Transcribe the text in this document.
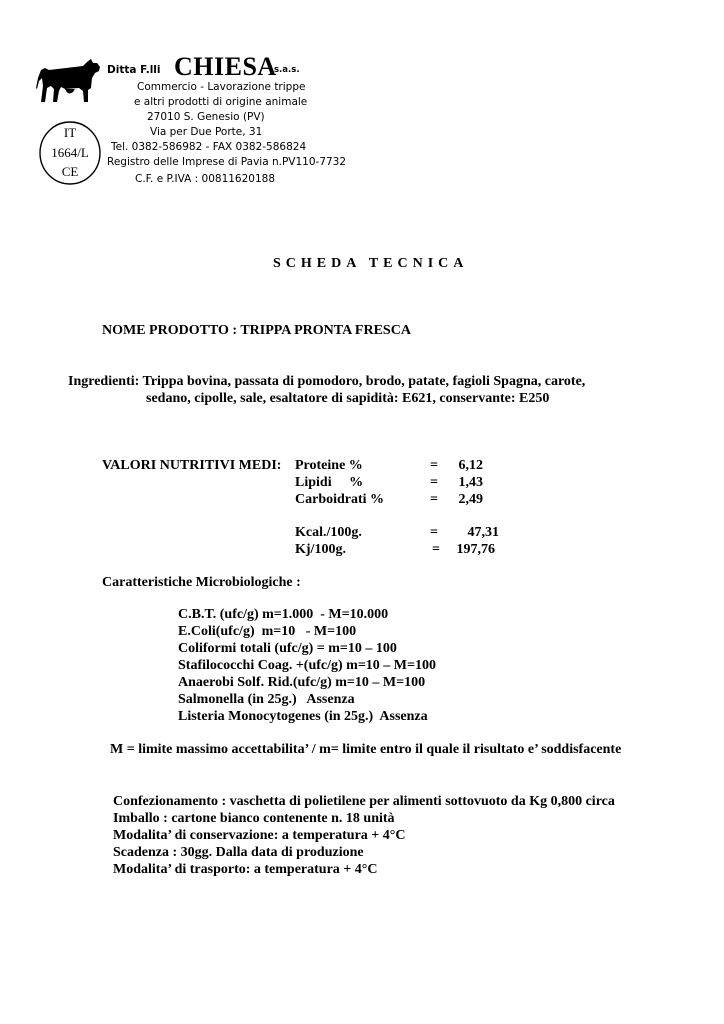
Ditta F.lli CHIESA
s.a.s.
Commercio - Lavorazione trippe
e altri prodotti di origine animale
27010 S. Genesio (PV)
Via per Due Porte, 31
Tel. 0382-586982 - FAX 0382-586824
Registro delle Imprese di Pavia n.PV110-7732
C.F. e P.IVA : 00811620188
IT
1664/L
CE
SCHEDA TECNICA
NOME PRODOTTO : TRIPPA PRONTA FRESCA
Ingredienti: Trippa bovina, passata di pomodoro, brodo, patate, fagioli Spagna, carote,
sedano, cipolle, sale, esaltatore di sapidità: E621, conservante: E250
VALORI NUTRITIVI MEDI: Proteine %	=	6,12
Lipidi     %	=	1,43
Carboidrati %	=	2,49
Kcal./100g.	=	47,31
Kj/100g.	=	197,76
Caratteristiche Microbiologiche :
C.B.T. (ufc/g) m=1.000  - M=10.000
E.Coli(ufc/g)  m=10   - M=100
Coliformi totali (ufc/g) = m=10 – 100
Stafilococchi Coag. +(ufc/g) m=10 – M=100
Anaerobi Solf. Rid.(ufc/g) m=10 – M=100
Salmonella (in 25g.)   Assenza
Listeria Monocytogenes (in 25g.)  Assenza
M = limite massimo accettabilita’ / m= limite entro il quale il risultato e’ soddisfacente
Confezionamento : vaschetta di polietilene per alimenti sottovuoto da Kg 0,800 circa
Imballo : cartone bianco contenente n. 18 unità
Modalita’ di conservazione: a temperatura + 4°C
Scadenza : 30gg. Dalla data di produzione
Modalita’ di trasporto: a temperatura + 4°C
